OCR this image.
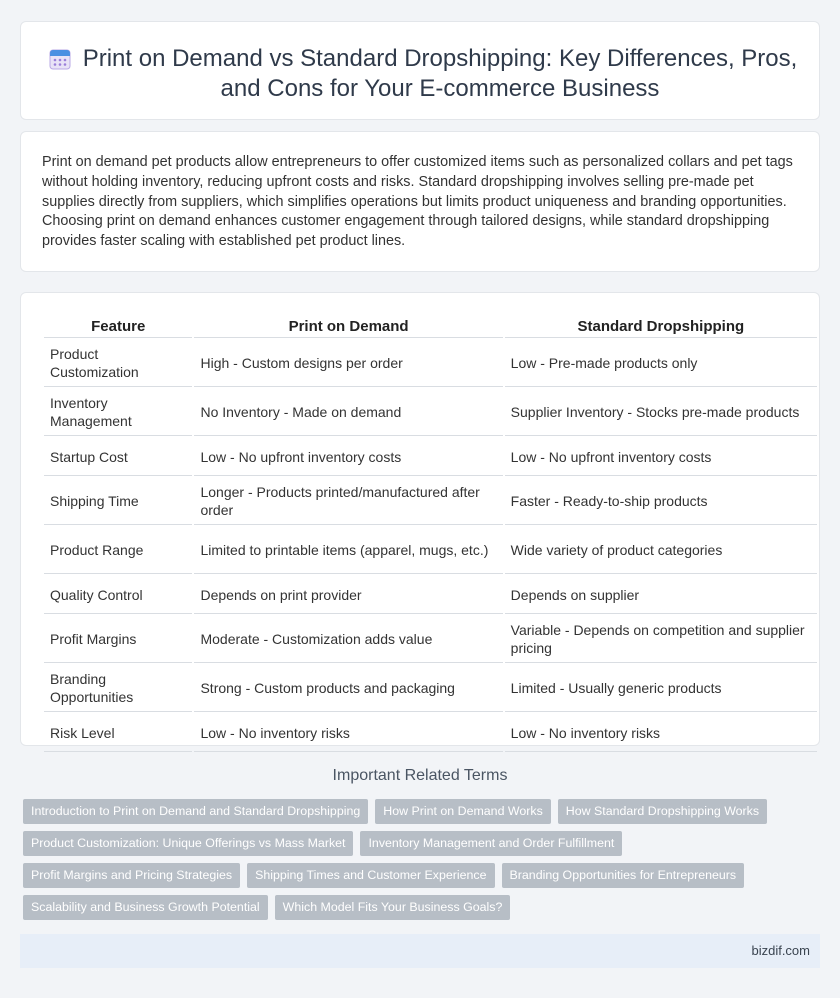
Print on Demand vs Standard Dropshipping: Key Differences, Pros, and Cons for Your E-commerce Business

Print on demand pet products allow entrepreneurs to offer customized items such as personalized collars and pet tags without holding inventory, reducing upfront costs and risks. Standard dropshipping involves selling pre-made pet supplies directly from suppliers, which simplifies operations but limits product uniqueness and branding opportunities. Choosing print on demand enhances customer engagement through tailored designs, while standard dropshipping provides faster scaling with established pet product lines.

Feature	Print on Demand	Standard Dropshipping
Product Customization	High - Custom designs per order	Low - Pre-made products only
Inventory Management	No Inventory - Made on demand	Supplier Inventory - Stocks pre-made products
Startup Cost	Low - No upfront inventory costs	Low - No upfront inventory costs
Shipping Time	Longer - Products printed/manufactured after order	Faster - Ready-to-ship products
Product Range	Limited to printable items (apparel, mugs, etc.)	Wide variety of product categories
Quality Control	Depends on print provider	Depends on supplier
Profit Margins	Moderate - Customization adds value	Variable - Depends on competition and supplier pricing
Branding Opportunities	Strong - Custom products and packaging	Limited - Usually generic products
Risk Level	Low - No inventory risks	Low - No inventory risks
Important Related Terms
Introduction to Print on Demand and Standard Dropshipping	How Print on Demand Works	How Standard Dropshipping Works
Product Customization: Unique Offerings vs Mass Market	Inventory Management and Order Fulfillment
Profit Margins and Pricing Strategies	Shipping Times and Customer Experience	Branding Opportunities for Entrepreneurs
Scalability and Business Growth Potential	Which Model Fits Your Business Goals?
bizdif.com
